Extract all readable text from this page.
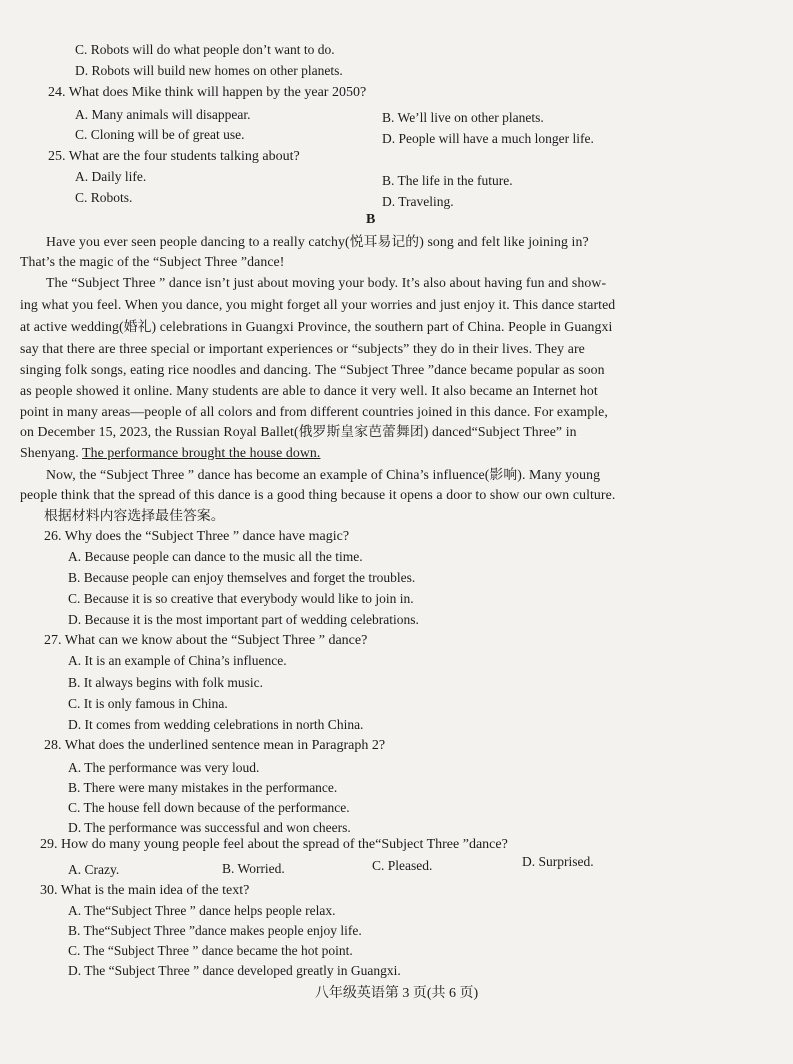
C. Robots will do what people don’t want to do.
D. Robots will build new homes on other planets.
24. What does Mike think will happen by the year 2050?
A. Many animals will disappear.	B. We’ll live on other planets.
C. Cloning will be of great use.	D. People will have a much longer life.
25. What are the four students talking about?
A. Daily life.	B. The life in the future.
C. Robots.	D. Traveling.
B
Have you ever seen people dancing to a really catchy(悦耳易记的) song and felt like joining in?
That’s the magic of the “Subject Three ”dance!
The “Subject Three ” dance isn’t just about moving your body. It’s also about having fun and show-
ing what you feel. When you dance, you might forget all your worries and just enjoy it. This dance started
at active wedding(婚礼) celebrations in Guangxi Province, the southern part of China. People in Guangxi
say that there are three special or important experiences or “subjects” they do in their lives. They are
singing folk songs, eating rice noodles and dancing. The “Subject Three ”dance became popular as soon
as people showed it online. Many students are able to dance it very well. It also became an Internet hot
point in many areas—people of all colors and from different countries joined in this dance. For example,
on December 15, 2023, the Russian Royal Ballet(俄罗斯皇家芭蕾舞团) danced“Subject Three” in
Shenyang. The performance brought the house down.
Now, the “Subject Three ” dance has become an example of China’s influence(影响). Many young
people think that the spread of this dance is a good thing because it opens a door to show our own culture.
根据材料内容选择最佳答案。
26. Why does the “Subject Three ” dance have magic?
A. Because people can dance to the music all the time.
B. Because people can enjoy themselves and forget the troubles.
C. Because it is so creative that everybody would like to join in.
D. Because it is the most important part of wedding celebrations.
27. What can we know about the “Subject Three ” dance?
A. It is an example of China’s influence.
B. It always begins with folk music.
C. It is only famous in China.
D. It comes from wedding celebrations in north China.
28. What does the underlined sentence mean in Paragraph 2?
A. The performance was very loud.
B. There were many mistakes in the performance.
C. The house fell down because of the performance.
D. The performance was successful and won cheers.
29. How do many young people feel about the spread of the“Subject Three ”dance?
A. Crazy.	B. Worried.	C. Pleased.	D. Surprised.
30. What is the main idea of the text?
A. The“Subject Three ” dance helps people relax.
B. The“Subject Three ”dance makes people enjoy life.
C. The “Subject Three ” dance became the hot point.
D. The “Subject Three ” dance developed greatly in Guangxi.
八年级英语第 3 页(共 6 页)
